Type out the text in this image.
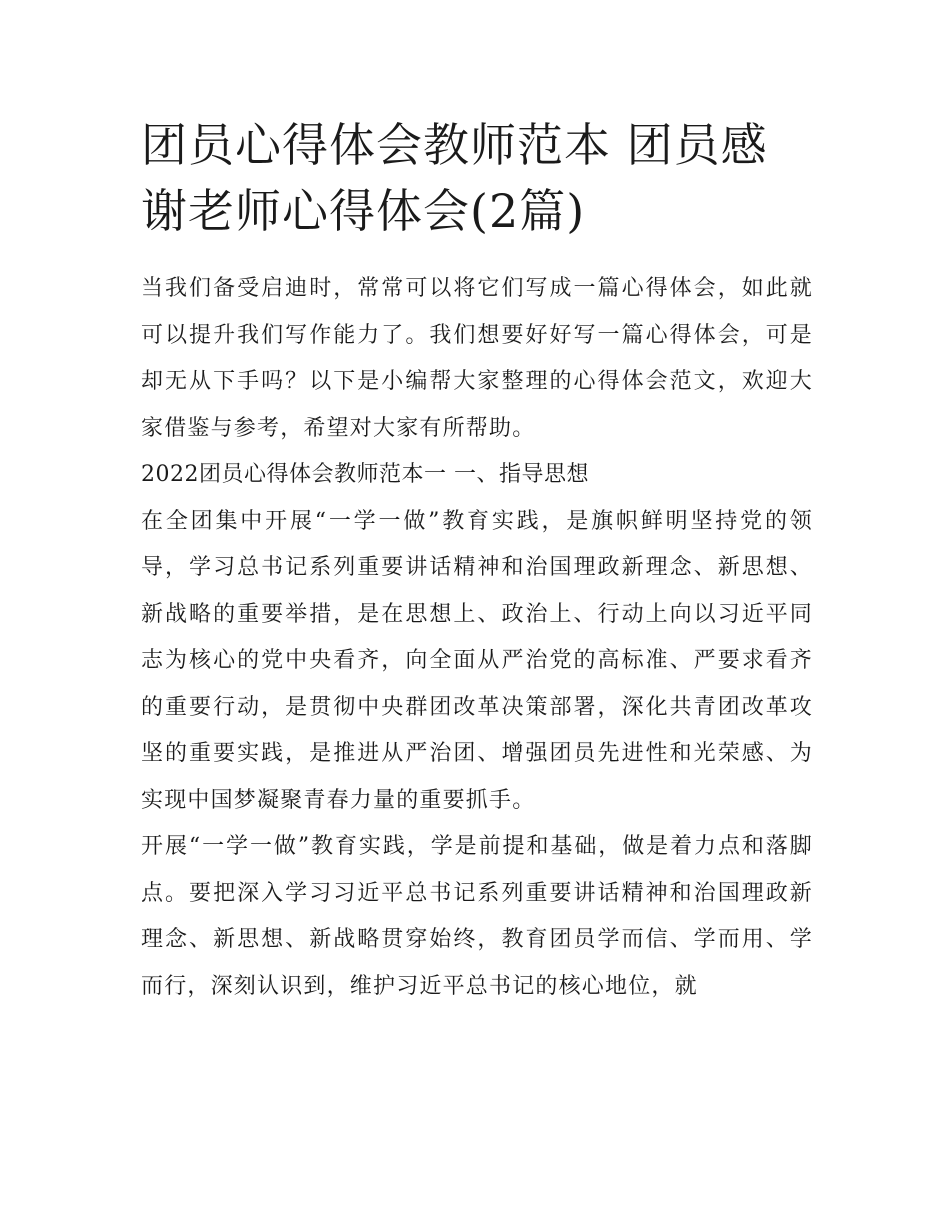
团员心得体会教师范本 团员感谢老师心得体会(2篇)

当我们备受启迪时，常常可以将它们写成一篇心得体会，如此就可以提升我们写作能力了。我们想要好好写一篇心得体会，可是却无从下手吗？以下是小编帮大家整理的心得体会范文，欢迎大家借鉴与参考，希望对大家有所帮助。

2022团员心得体会教师范本一 一、指导思想

在全团集中开展“一学一做”教育实践，是旗帜鲜明坚持党的领导，学习总书记系列重要讲话精神和治国理政新理念、新思想、新战略的重要举措，是在思想上、政治上、行动上向以习近平同志为核心的党中央看齐，向全面从严治党的高标准、严要求看齐的重要行动，是贯彻中央群团改革决策部署，深化共青团改革攻坚的重要实践，是推进从严治团、增强团员先进性和光荣感、为实现中国梦凝聚青春力量的重要抓手。

开展“一学一做”教育实践，学是前提和基础，做是着力点和落脚点。要把深入学习习近平总书记系列重要讲话精神和治国理政新理念、新思想、新战略贯穿始终，教育团员学而信、学而用、学而行，深刻认识到，维护习近平总书记的核心地位，就
